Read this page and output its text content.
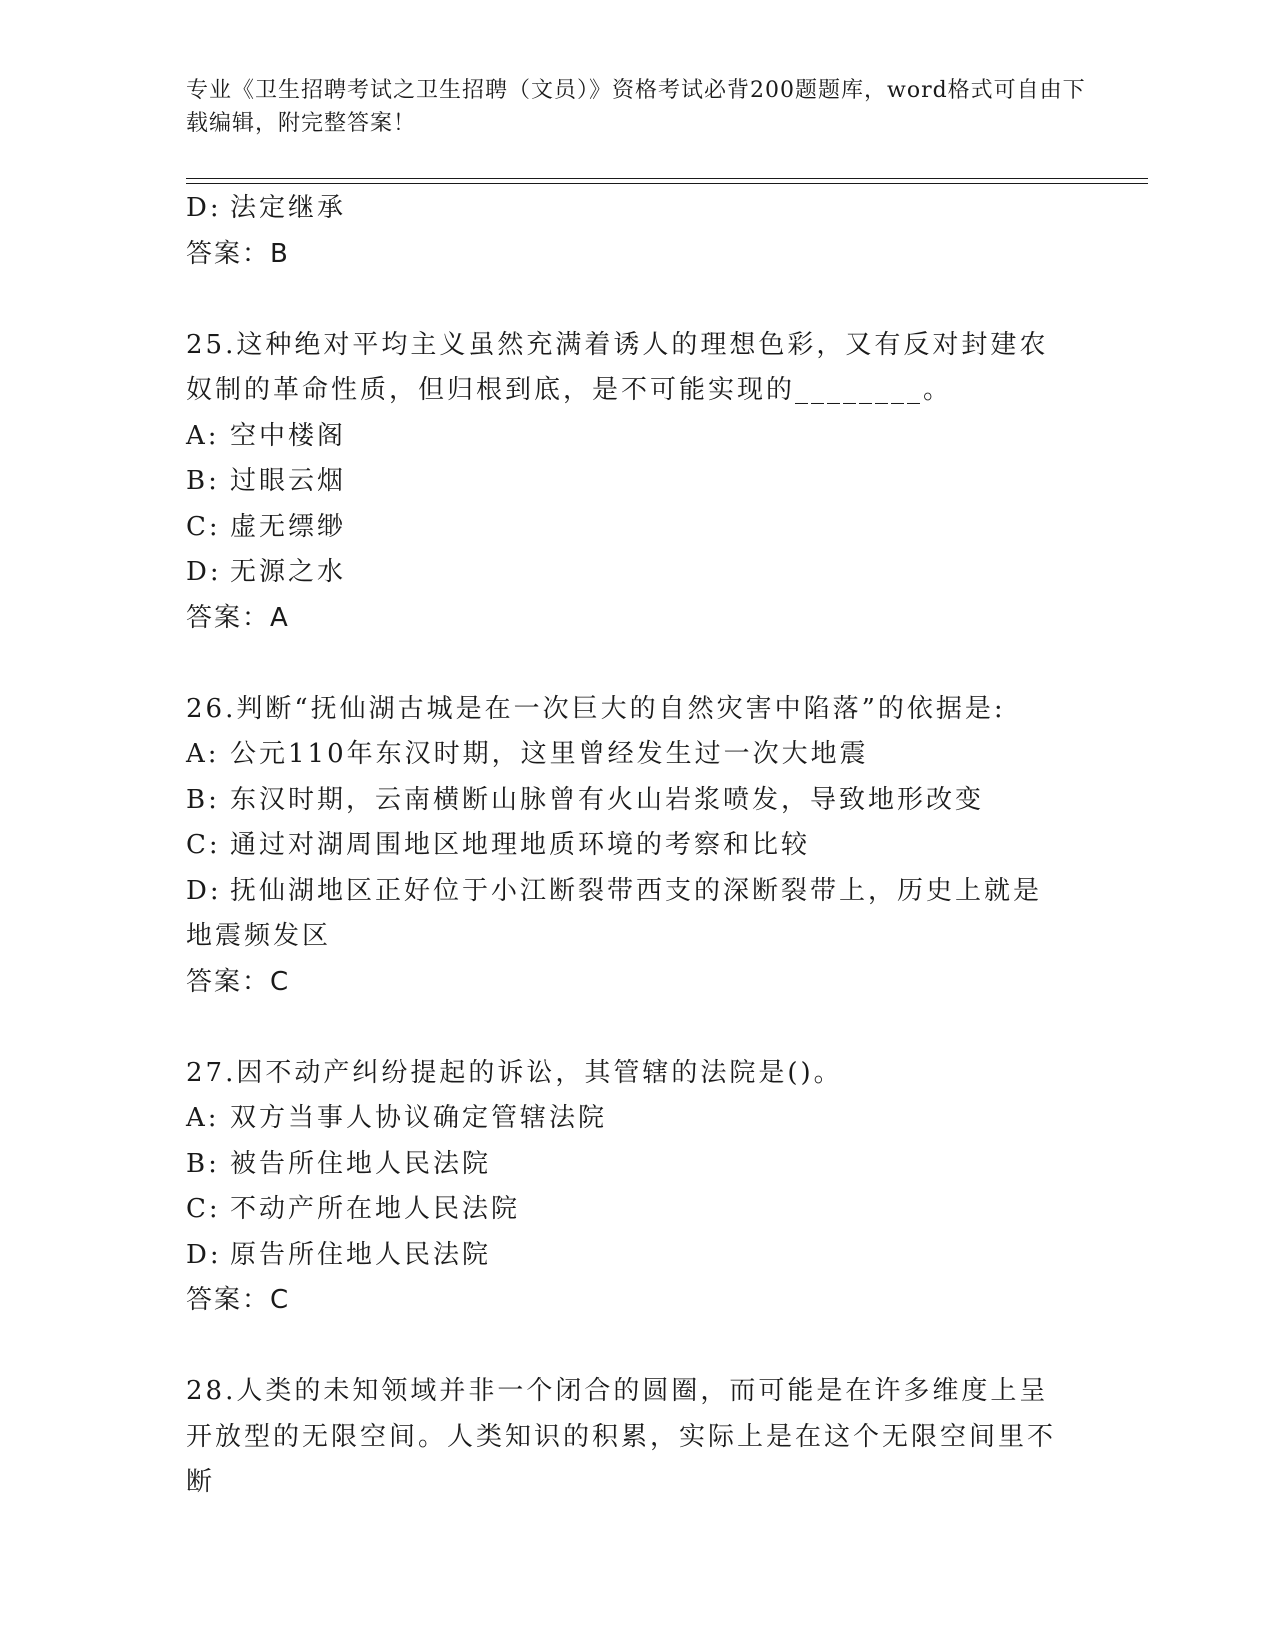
专业《卫生招聘考试之卫生招聘（文员）》资格考试必背200题题库，word格式可自由下载编辑，附完整答案！
D: 法定继承
答案：B
25.这种绝对平均主义虽然充满着诱人的理想色彩，又有反对封建农奴制的革命性质，但归根到底，是不可能实现的________。
A: 空中楼阁
B: 过眼云烟
C: 虚无缥缈
D: 无源之水
答案：A
26.判断“抚仙湖古城是在一次巨大的自然灾害中陷落”的依据是:
A: 公元110年东汉时期，这里曾经发生过一次大地震
B: 东汉时期，云南横断山脉曾有火山岩浆喷发，导致地形改变
C: 通过对湖周围地区地理地质环境的考察和比较
D: 抚仙湖地区正好位于小江断裂带西支的深断裂带上，历史上就是地震频发区
答案：C
27.因不动产纠纷提起的诉讼，其管辖的法院是()。
A: 双方当事人协议确定管辖法院
B: 被告所住地人民法院
C: 不动产所在地人民法院
D: 原告所住地人民法院
答案：C
28.人类的未知领域并非一个闭合的圆圈，而可能是在许多维度上呈开放型的无限空间。人类知识的积累，实际上是在这个无限空间里不断
